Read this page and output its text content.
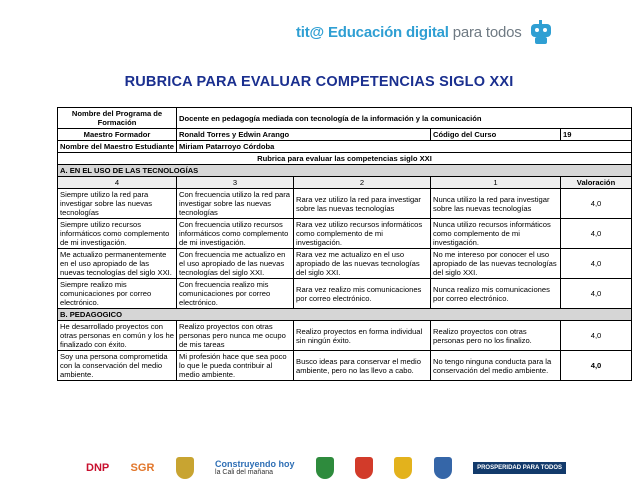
tit@ Educación digital para todos
RUBRICA PARA EVALUAR COMPETENCIAS SIGLO XXI
Nombre del Programa de Formación	Docente en pedagogía mediada con tecnología de la información y la comunicación			
Maestro Formador	Ronald Torres y Edwin Arango		Código del Curso	19
Nombre del Maestro Estudiante	Miriam Patarroyo Córdoba			
Rubrica para evaluar las competencias siglo XXI				
A. EN EL USO DE LAS TECNOLOGÍAS				
4	3	2	1	Valoración
Siempre utilizo la red para investigar sobre las nuevas tecnologías	Con frecuencia utilizo la red para investigar sobre las nuevas tecnologías	Rara vez utilizo la red para investigar sobre las nuevas tecnologías	Nunca utilizo la red para investigar sobre las nuevas tecnologías	4,0
Siempre utilizo recursos informáticos como complemento de mi investigación.	Con frecuencia utilizo recursos informáticos como complemento de mi investigación.	Rara vez utilizo recursos informáticos como complemento de mi investigación.	Nunca utilizo recursos informáticos como complemento de mi investigación.	4,0
Me actualizo permanentemente en el uso apropiado de las nuevas tecnologías del siglo XXI.	Con frecuencia me actualizo en el uso apropiado de las nuevas tecnologías del siglo XXI.	Rara vez me actualizo en el uso apropiado de las nuevas tecnologías del siglo XXI.	No me intereso por conocer el uso apropiado de las nuevas tecnologías del siglo XXI.	4,0
Siempre realizo mis comunicaciones por correo electrónico.	Con frecuencia realizo mis comunicaciones por correo electrónico.	Rara vez realizo mis comunicaciones por correo electrónico.	Nunca realizo mis comunicaciones por correo electrónico.	4,0
B. PEDAGOGICO				
He desarrollado proyectos con otras personas en común y los he finalizado con éxito.	Realizo proyectos con otras personas pero nunca me ocupo de mis tareas	Realizo proyectos en forma individual sin ningún éxito.	Realizo proyectos con otras personas pero no los finalizo.	4,0
Soy una persona comprometida con la conservación del medio ambiente.	Mi profesión hace que sea poco lo que le pueda contribuir al medio ambiente.	Busco ideas para conservar el medio ambiente, pero no las llevo a cabo.	No tengo ninguna conducta para la conservación del medio ambiente.	4,0
DNP SGR	Construyendo hoy
la Cali del mañana
PROSPERIDAD PARA TODOS
